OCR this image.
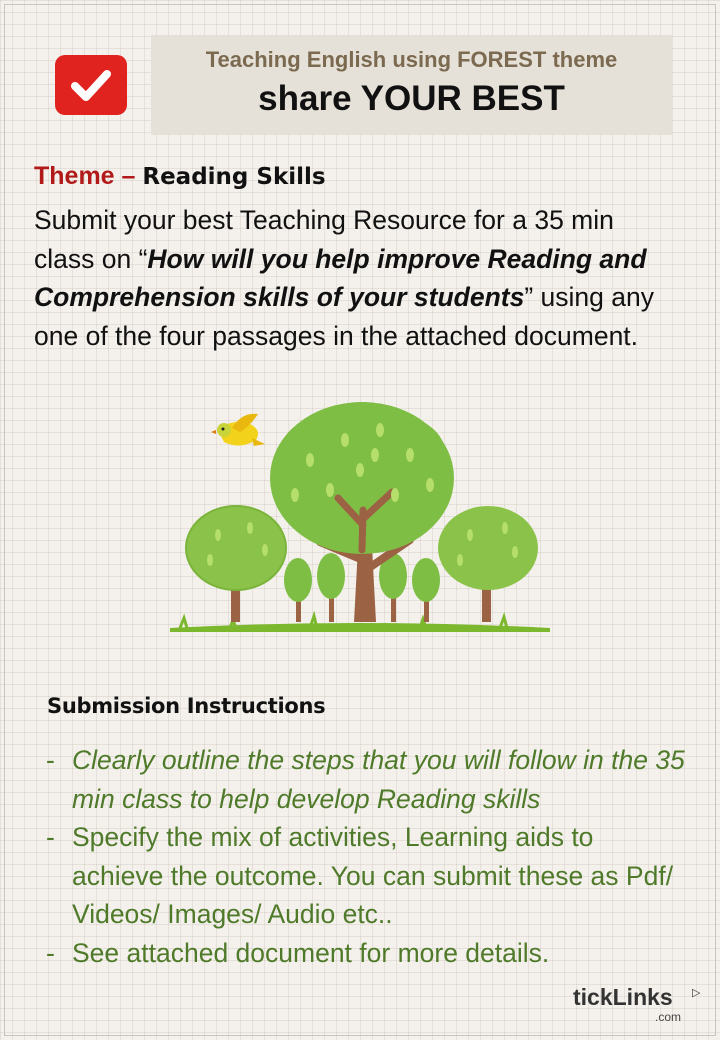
Teaching English using FOREST theme
share YOUR BEST
Theme – Reading Skills
Submit your best Teaching Resource for a 35 min class on “How will you help improve Reading and Comprehension skills of your students” using any one of the four passages in the attached document.
Submission Instructions
- Clearly outline the steps that you will follow in the 35 min class to help develop Reading skills
- Specify the mix of activities, Learning aids to achieve the outcome. You can submit these as Pdf/ Videos/ Images/ Audio etc..
- See attached document for more details.
tickLinks ▷
.com
